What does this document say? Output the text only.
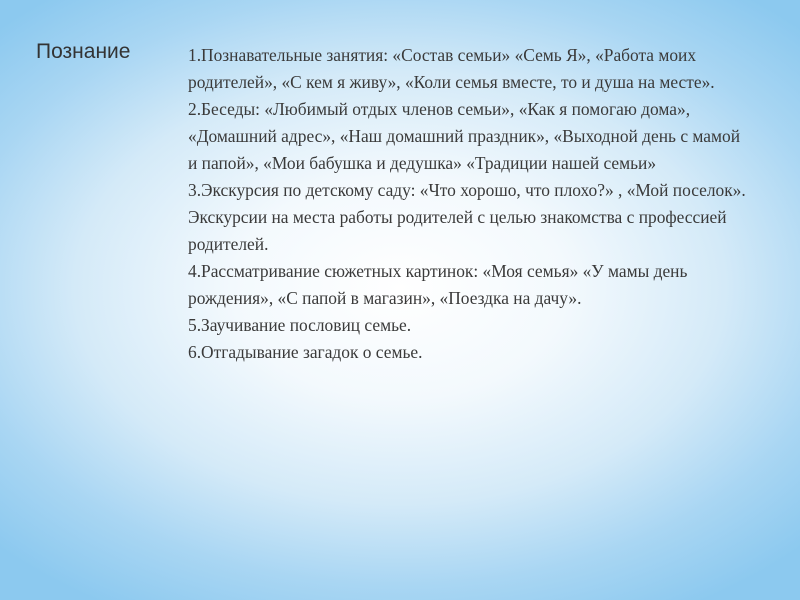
Познание	1.Познавательные занятия: «Состав семьи» «Семь Я», «Работа моих родителей», «С кем я живу», «Коли семья вместе, то и душа на месте».

2.Беседы: «Любимый отдых членов семьи», «Как я помогаю дома», «Домашний адрес», «Наш домашний праздник», «Выходной день с мамой и папой», «Мои бабушка и дедушка» «Традиции нашей семьи»

3.Экскурсия по детскому саду: «Что хорошо, что плохо?» , «Мой поселок». Экскурсии на места работы родителей с целью знакомства с профессией родителей.

4.Рассматривание сюжетных картинок: «Моя семья» «У мамы день рождения», «С папой в магазин», «Поездка на дачу».

5.Заучивание пословиц семье.

6.Отгадывание загадок о семье.
